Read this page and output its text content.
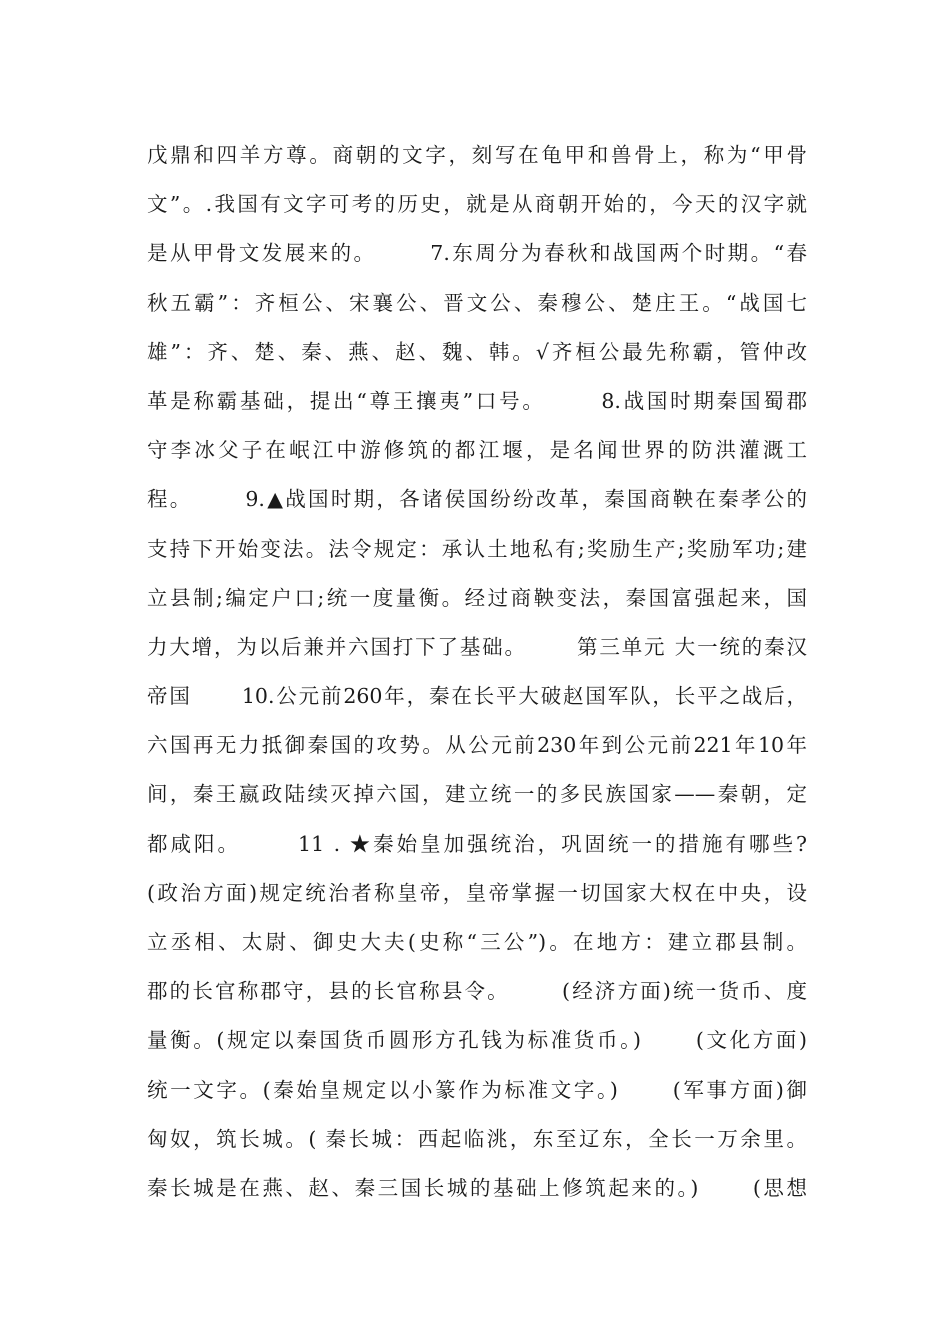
戊鼎和四羊方尊。商朝的文字，刻写在龟甲和兽骨上，称为“甲骨
文”。.我国有文字可考的历史，就是从商朝开始的，今天的汉字就
是从甲骨文发展来的。      7.东周分为春秋和战国两个时期。“春
秋五霸”：齐桓公、宋襄公、晋文公、秦穆公、楚庄王。“战国七
雄”：齐、楚、秦、燕、赵、魏、韩。√齐桓公最先称霸，管仲改
革是称霸基础，提出“尊王攘夷”口号。      8.战国时期秦国蜀郡
守李冰父子在岷江中游修筑的都江堰，是名闻世界的防洪灌溉工
程。      9.▲战国时期，各诸侯国纷纷改革，秦国商鞅在秦孝公的
支持下开始变法。法令规定：承认土地私有;奖励生产;奖励军功;建
立县制;编定户口;统一度量衡。经过商鞅变法，秦国富强起来，国
力大增，为以后兼并六国打下了基础。      第三单元 大一统的秦汉
帝国      10.公元前260年，秦在长平大破赵国军队，长平之战后，
六国再无力抵御秦国的攻势。从公元前230年到公元前221年10年
间，秦王嬴政陆续灭掉六国，建立统一的多民族国家——秦朝，定
都咸阳。      11 . ★秦始皇加强统治，巩固统一的措施有哪些?
(政治方面)规定统治者称皇帝，皇帝掌握一切国家大权在中央，设
立丞相、太尉、御史大夫(史称“三公”)。在地方：建立郡县制。
郡的长官称郡守，县的长官称县令。      (经济方面)统一货币、度
量衡。(规定以秦国货币圆形方孔钱为标准货币。)      (文化方面)
统一文字。(秦始皇规定以小篆作为标准文字。)      (军事方面)御
匈奴，筑长城。( 秦长城：西起临洮，东至辽东，全长一万余里。
秦长城是在燕、赵、秦三国长城的基础上修筑起来的。)      (思想
